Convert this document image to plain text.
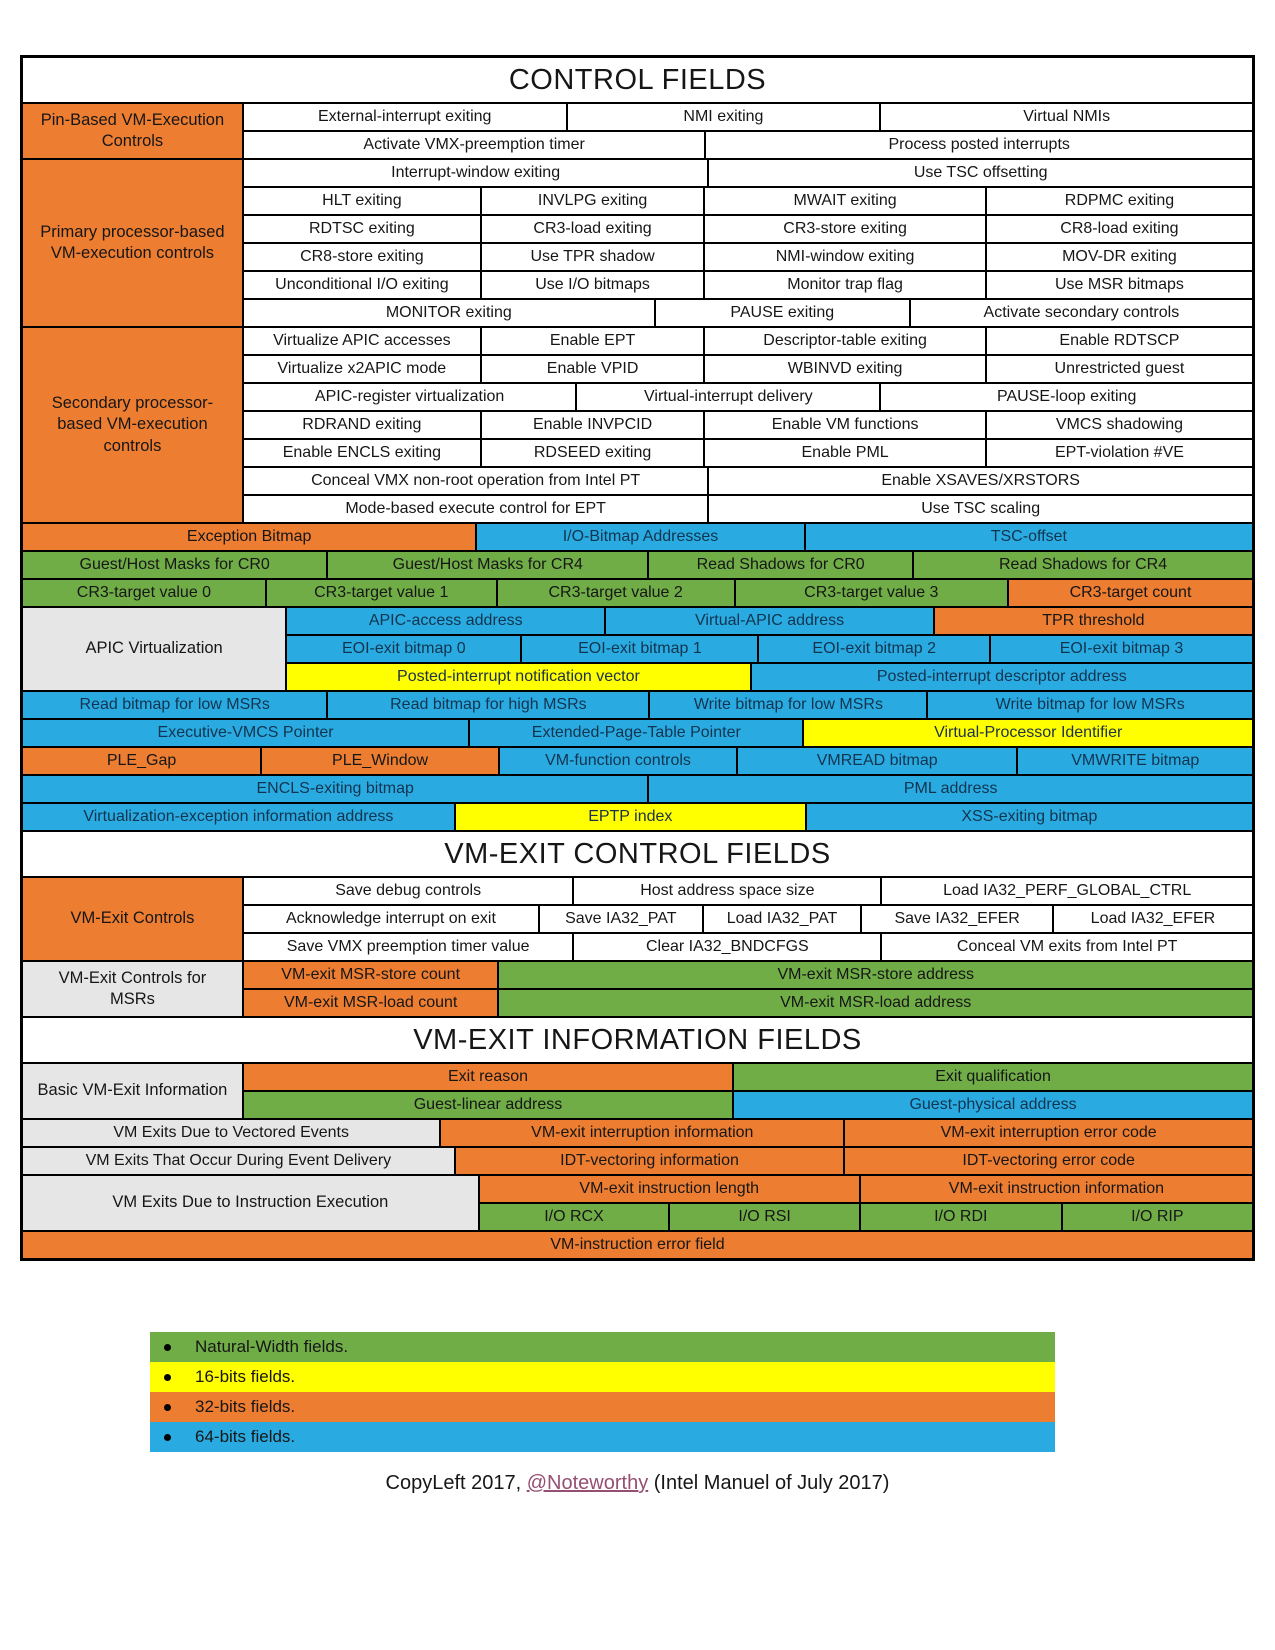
CONTROL FIELDS
Pin-Based VM-Execution Controls
External-interrupt exiting	NMI exiting	Virtual NMIs
Activate VMX-preemption timer	Process posted interrupts
Primary processor-based VM-execution controls
Interrupt-window exiting	Use TSC offsetting
HLT exiting	INVLPG exiting	MWAIT exiting	RDPMC exiting
RDTSC exiting	CR3-load exiting	CR3-store exiting	CR8-load exiting
CR8-store exiting	Use TPR shadow	NMI-window exiting	MOV-DR exiting
Unconditional I/O exiting	Use I/O bitmaps	Monitor trap flag	Use MSR bitmaps
MONITOR exiting	PAUSE exiting	Activate secondary controls
Secondary processor-based VM-execution controls
Virtualize APIC accesses	Enable EPT	Descriptor-table exiting	Enable RDTSCP
Virtualize x2APIC mode	Enable VPID	WBINVD exiting	Unrestricted guest
APIC-register virtualization	Virtual-interrupt delivery	PAUSE-loop exiting
RDRAND exiting	Enable INVPCID	Enable VM functions	VMCS shadowing
Enable ENCLS exiting	RDSEED exiting	Enable PML	EPT-violation #VE
Conceal VMX non-root operation from Intel PT	Enable XSAVES/XRSTORS
Mode-based execute control for EPT	Use TSC scaling
Exception Bitmap	I/O-Bitmap Addresses	TSC-offset
Guest/Host Masks for CR0	Guest/Host Masks for CR4	Read Shadows for CR0	Read Shadows for CR4
CR3-target value 0	CR3-target value 1	CR3-target value 2	CR3-target value 3	CR3-target count
APIC Virtualization
APIC-access address	Virtual-APIC address	TPR threshold
EOI-exit bitmap 0	EOI-exit bitmap 1	EOI-exit bitmap 2	EOI-exit bitmap 3
Posted-interrupt notification vector	Posted-interrupt descriptor address
Read bitmap for low MSRs	Read bitmap for high MSRs	Write bitmap for low MSRs	Write bitmap for low MSRs
Executive-VMCS Pointer	Extended-Page-Table Pointer	Virtual-Processor Identifier
PLE_Gap	PLE_Window	VM-function controls	VMREAD bitmap	VMWRITE bitmap
ENCLS-exiting bitmap	PML address
Virtualization-exception information address	EPTP index	XSS-exiting bitmap
VM-EXIT CONTROL FIELDS
VM-Exit Controls
Save debug controls	Host address space size	Load IA32_PERF_GLOBAL_CTRL
Acknowledge interrupt on exit	Save IA32_PAT	Load IA32_PAT	Save IA32_EFER	Load IA32_EFER
Save VMX preemption timer value	Clear IA32_BNDCFGS	Conceal VM exits from Intel PT
VM-Exit Controls for MSRs
VM-exit MSR-store count	VM-exit MSR-store address
VM-exit MSR-load count	VM-exit MSR-load address
VM-EXIT INFORMATION FIELDS
Basic VM-Exit Information
Exit reason	Exit qualification
Guest-linear address	Guest-physical address
VM Exits Due to Vectored Events	VM-exit interruption information	VM-exit interruption error code
VM Exits That Occur During Event Delivery	IDT-vectoring information	IDT-vectoring error code
VM Exits Due to Instruction Execution
VM-exit instruction length	VM-exit instruction information
I/O RCX	I/O RSI	I/O RDI	I/O RIP
VM-instruction error field
Natural-Width fields.
16-bits fields.
32-bits fields.
64-bits fields.
CopyLeft 2017, @Noteworthy (Intel Manuel of July 2017)
